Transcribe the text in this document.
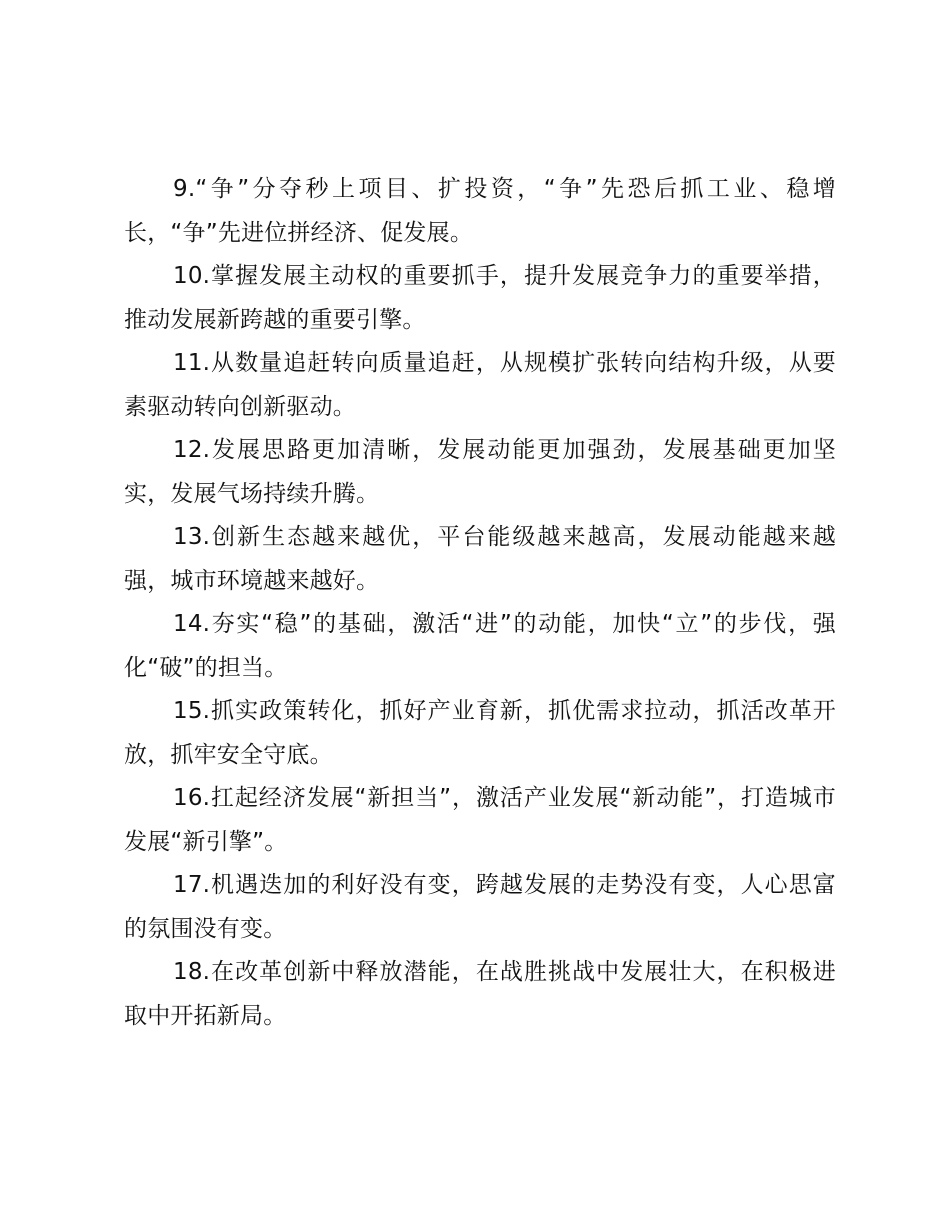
9.“争”分夺秒上项目、扩投资，“争”先恐后抓工业、稳增长，“争”先进位拼经济、促发展。

10.掌握发展主动权的重要抓手，提升发展竞争力的重要举措，推动发展新跨越的重要引擎。

11.从数量追赶转向质量追赶，从规模扩张转向结构升级，从要素驱动转向创新驱动。

12.发展思路更加清晰，发展动能更加强劲，发展基础更加坚实，发展气场持续升腾。

13.创新生态越来越优，平台能级越来越高，发展动能越来越强，城市环境越来越好。

14.夯实“稳”的基础，激活“进”的动能，加快“立”的步伐，强化“破”的担当。

15.抓实政策转化，抓好产业育新，抓优需求拉动，抓活改革开放，抓牢安全守底。

16.扛起经济发展“新担当”，激活产业发展“新动能”，打造城市发展“新引擎”。

17.机遇迭加的利好没有变，跨越发展的走势没有变，人心思富的氛围没有变。

18.在改革创新中释放潜能，在战胜挑战中发展壮大，在积极进取中开拓新局。
